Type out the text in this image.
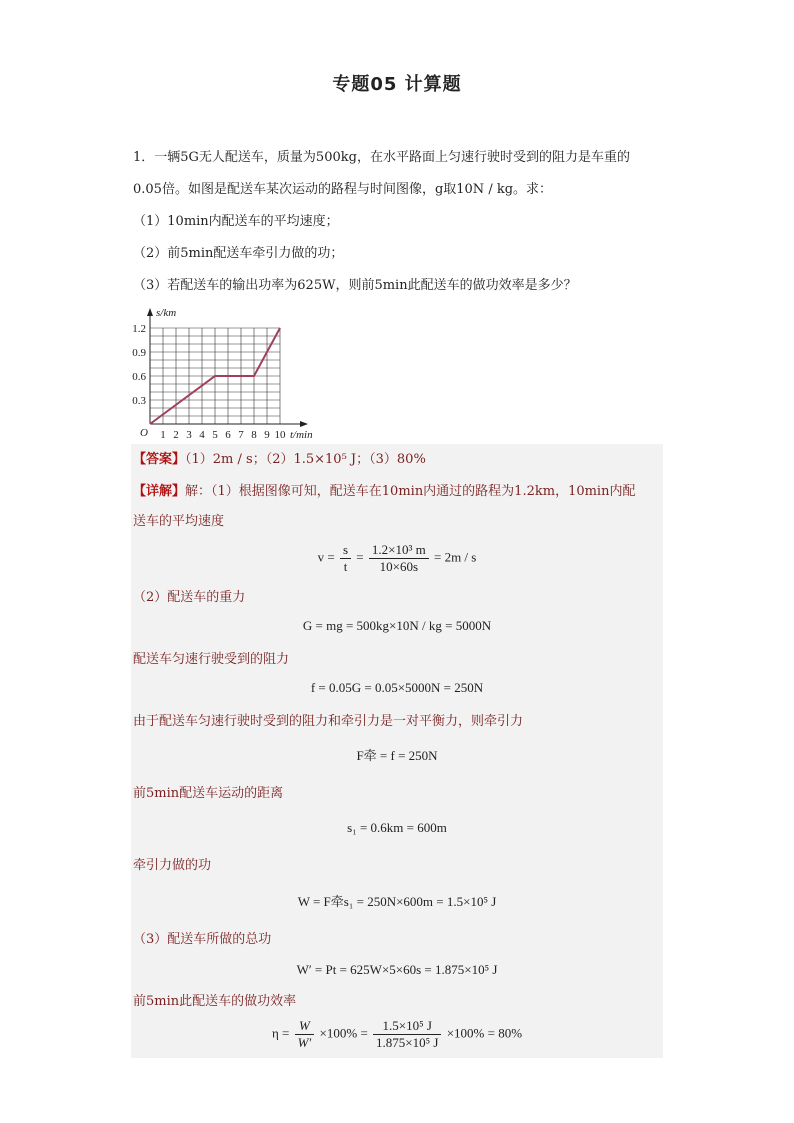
专题05 计算题
1．一辆5G无人配送车，质量为500kg，在水平路面上匀速行驶时受到的阻力是车重的
0.05倍。如图是配送车某次运动的路程与时间图像，g取10N / kg。求：
（1）10min内配送车的平均速度；
（2）前5min配送车牵引力做的功；
（3）若配送车的输出功率为625W，则前5min此配送车的做功效率是多少？
s/km
t/min
O
0.3
0.6
0.9
1.2
1 2 3 4 5 6 7 8 9 10
【答案】（1）2m / s；（2）1.5×10⁵ J；（3）80%
【详解】解：（1）根据图像可知，配送车在10min内通过的路程为1.2km，10min内配
送车的平均速度
$v = \frac{s}{t} = \frac{\text{1.2×10³ m}}{10\times 60s} = 2m / s$
（2）配送车的重力
G = mg = 500kg×10N / kg = 5000N
配送车匀速行驶受到的阻力
f = 0.05G = 0.05×5000N = 250N
由于配送车匀速行驶时受到的阻力和牵引力是一对平衡力，则牵引力
F牵 = f = 250N
前5min配送车运动的距离
s₁ = 0.6km = 600m
牵引力做的功
W = F牵s₁ = 250N×600m = 1.5×10⁵ J
（3）配送车所做的总功
W′ = Pt = 625W×5×60s = 1.875×10⁵ J
前5min此配送车的做功效率
$\eta = \frac{W}{W'} \times 100\% = \frac{\text{1.5×10⁵ J}}{\text{1.875×10⁵ J}} \times 100\% = 80\%$
